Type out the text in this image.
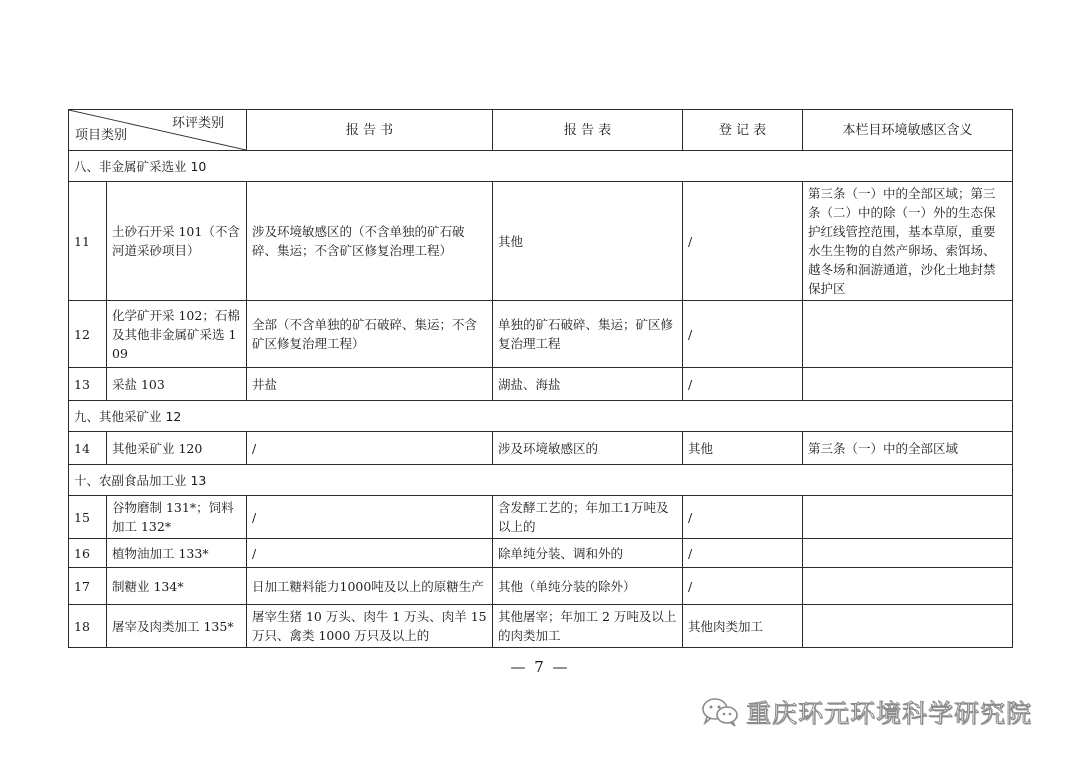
环评类别
项目类别		报 告 书	报 告 表	登 记 表	本栏目环境敏感区含义
八、非金属矿采选业 10					
11	土砂石开采 101（不含河道采砂项目）	涉及环境敏感区的（不含单独的矿石破碎、集运；不含矿区修复治理工程）	其他	/	第三条（一）中的全部区域；第三条（二）中的除（一）外的生态保护红线管控范围，基本草原，重要水生生物的自然产卵场、索饵场、越冬场和洄游通道，沙化土地封禁保护区
12	化学矿开采 102；石棉及其他非金属矿采选 109	全部（不含单独的矿石破碎、集运；不含矿区修复治理工程）	单独的矿石破碎、集运；矿区修复治理工程	/	
13	采盐 103	井盐	湖盐、海盐	/	
九、其他采矿业 12					
14	其他采矿业 120	/	涉及环境敏感区的	其他	第三条（一）中的全部区域
十、农副食品加工业 13					
15	谷物磨制 131*；饲料加工 132*	/	含发酵工艺的；年加工1万吨及以上的	/	
16	植物油加工 133*	/	除单纯分装、调和外的	/	
17	制糖业 134*	日加工糖料能力1000吨及以上的原糖生产	其他（单纯分装的除外）	/	
18	屠宰及肉类加工 135*	屠宰生猪 10 万头、肉牛 1 万头、肉羊 15 万只、禽类 1000 万只及以上的	其他屠宰；年加工 2 万吨及以上的肉类加工	其他肉类加工	
— 7 —
重庆环元环境科学研究院
